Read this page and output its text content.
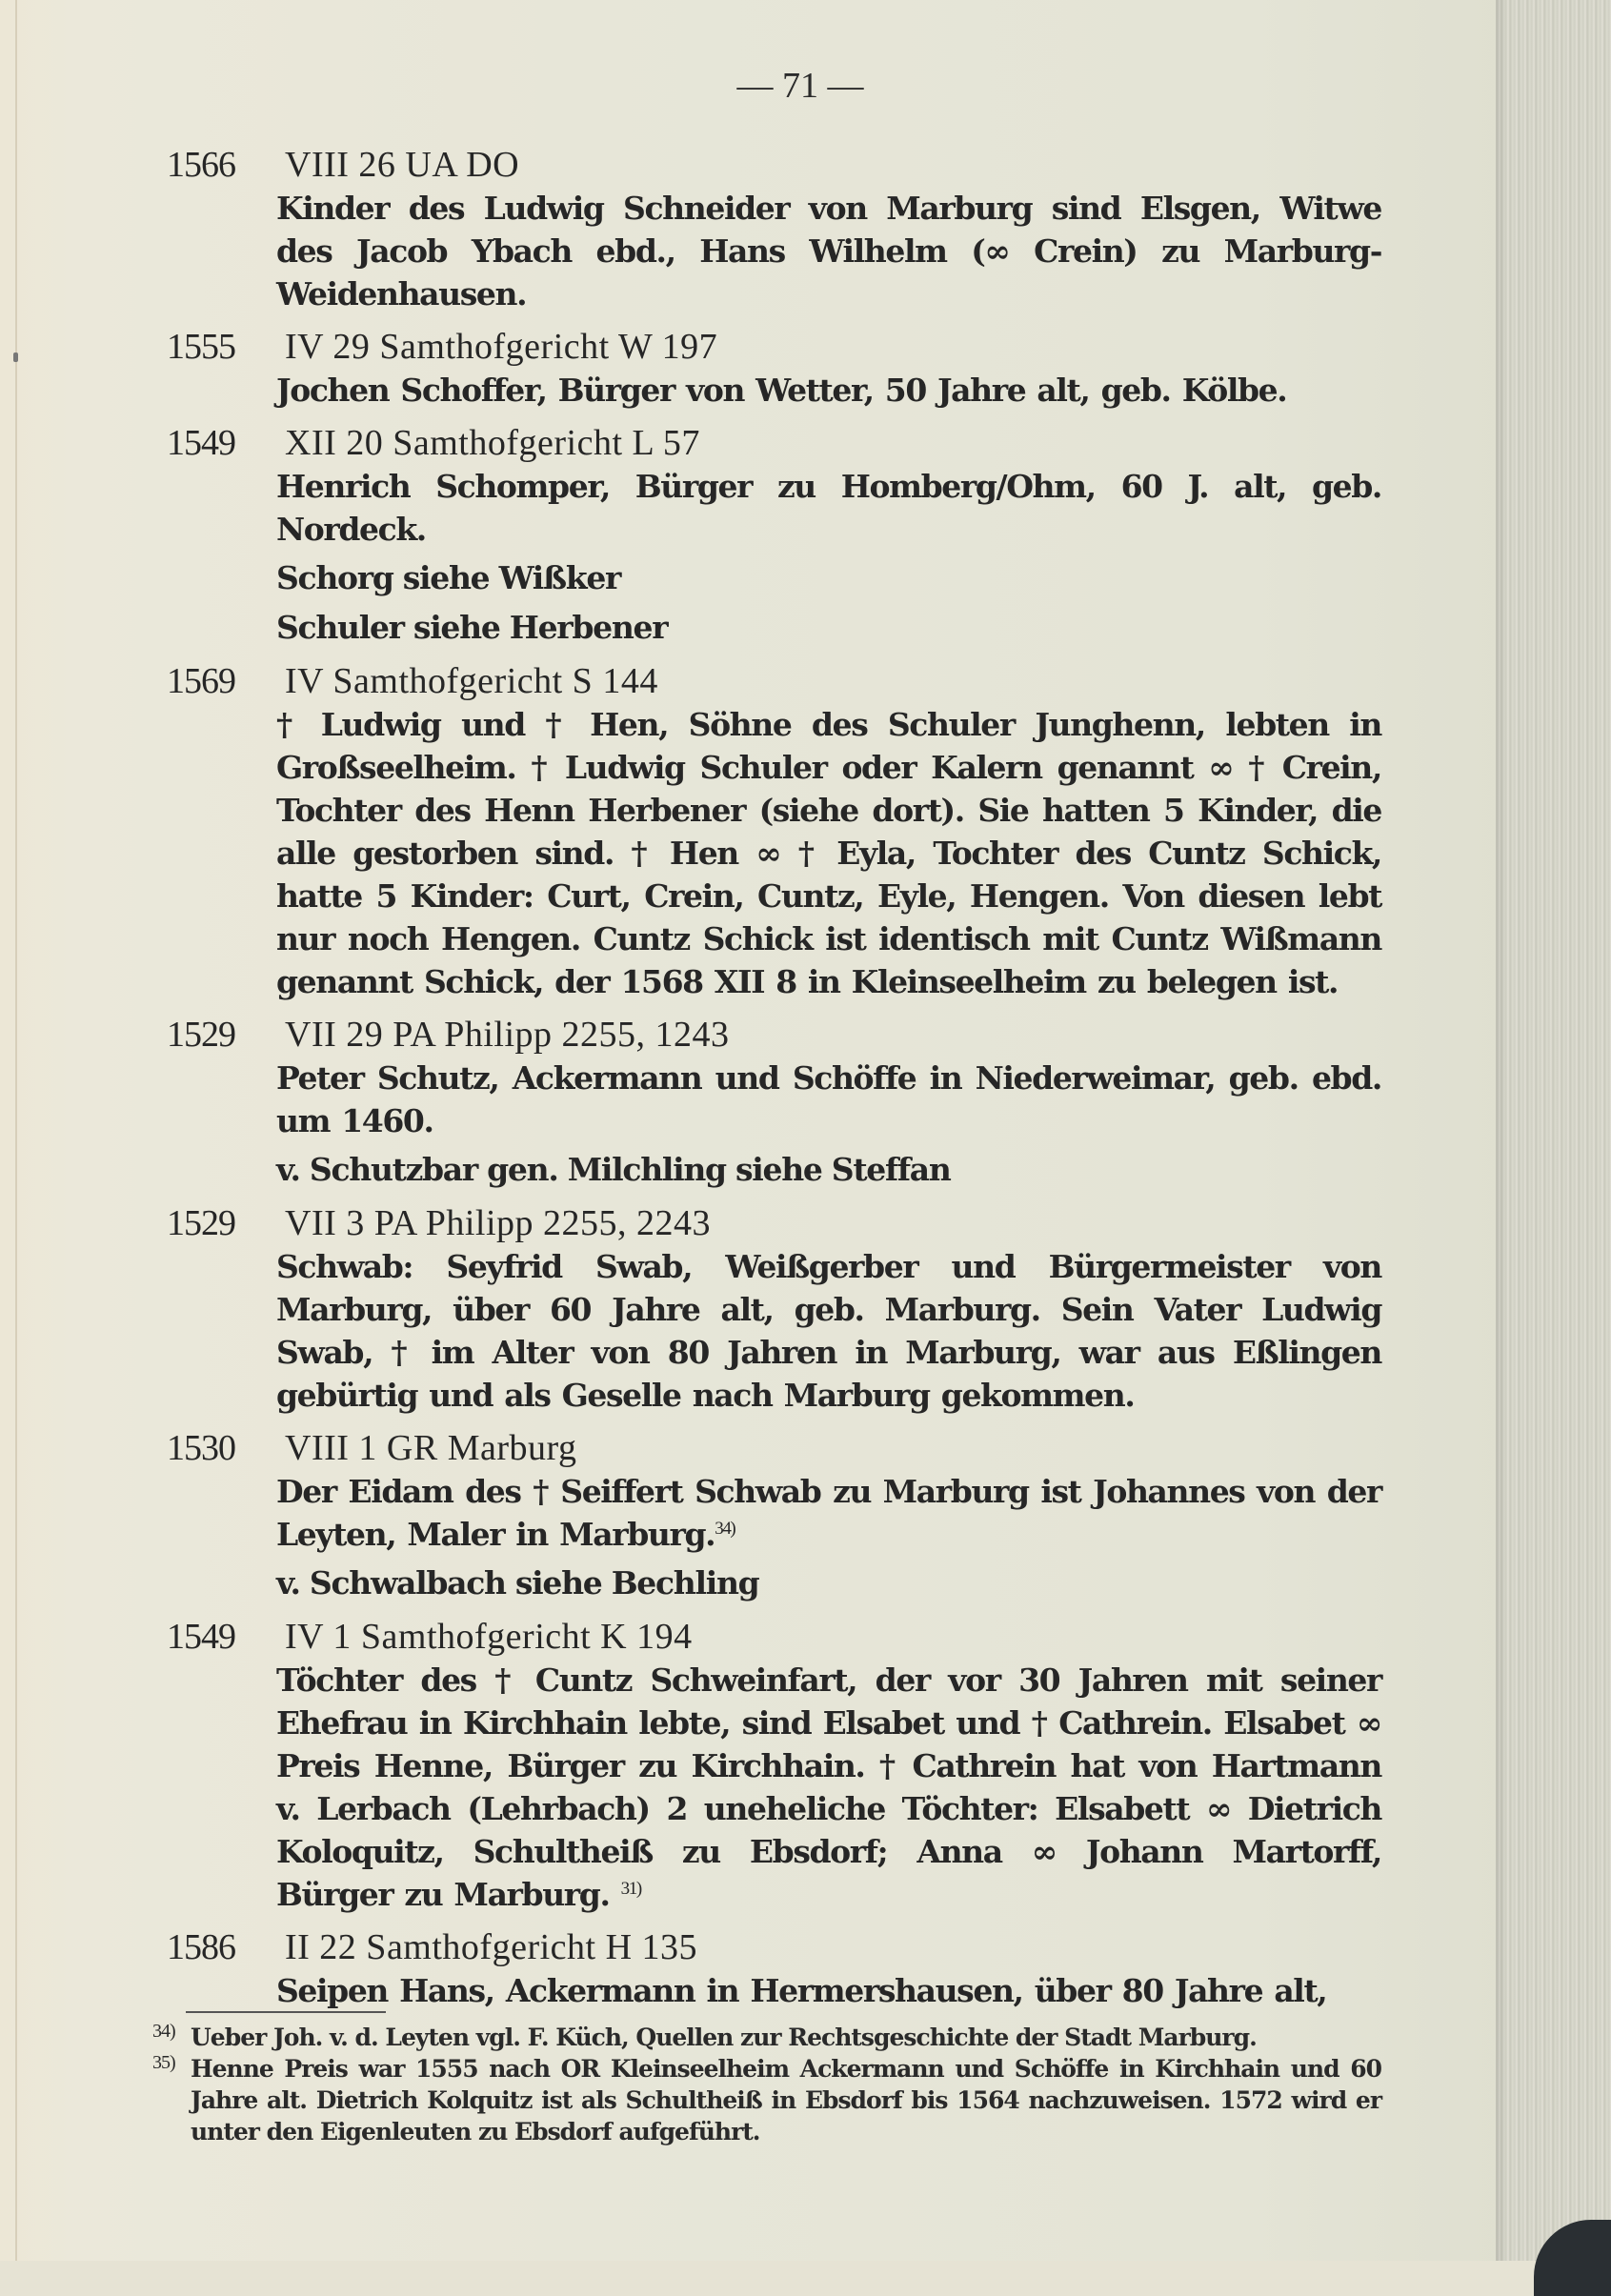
— 71 —
1566	VIII 26 UA DO
Kinder des Ludwig Schneider von Marburg sind Elsgen, Witwe des Jacob Ybach ebd., Hans Wilhelm (∞ Crein) zu Marburg-Weidenhausen.
1555	IV 29 Samthofgericht W 197
Jochen Schoffer, Bürger von Wetter, 50 Jahre alt, geb. Kölbe.
1549	XII 20 Samthofgericht L 57
Henrich Schomper, Bürger zu Homberg/Ohm, 60 J. alt, geb. Nordeck.
Schorg siehe Wißker
Schuler siehe Herbener
1569	IV Samthofgericht S 144
† Ludwig und † Hen, Söhne des Schuler Junghenn, lebten in Großseelheim. † Ludwig Schuler oder Kalern genannt ∞ † Crein, Tochter des Henn Herbener (siehe dort). Sie hatten 5 Kinder, die alle gestorben sind. † Hen ∞ † Eyla, Tochter des Cuntz Schick, hatte 5 Kinder: Curt, Crein, Cuntz, Eyle, Hengen. Von diesen lebt nur noch Hengen. Cuntz Schick ist identisch mit Cuntz Wißmann genannt Schick, der 1568 XII 8 in Kleinseelheim zu belegen ist.
1529	VII 29 PA Philipp 2255, 1243
Peter Schutz, Ackermann und Schöffe in Niederweimar, geb. ebd. um 1460.
v. Schutzbar gen. Milchling siehe Steffan
1529	VII 3 PA Philipp 2255, 2243
Schwab: Seyfrid Swab, Weißgerber und Bürgermeister von Marburg, über 60 Jahre alt, geb. Marburg. Sein Vater Ludwig Swab, † im Alter von 80 Jahren in Marburg, war aus Eßlingen gebürtig und als Geselle nach Marburg gekommen.
1530	VIII 1 GR Marburg
Der Eidam des † Seiffert Schwab zu Marburg ist Johannes von der Leyten, Maler in Marburg.$^{34)}$
v. Schwalbach siehe Bechling
1549	IV 1 Samthofgericht K 194
Töchter des † Cuntz Schweinfart, der vor 30 Jahren mit seiner Ehefrau in Kirchhain lebte, sind Elsabet und † Cathrein. Elsabet ∞ Preis Henne, Bürger zu Kirchhain. † Cathrein hat von Hartmann v. Lerbach (Lehrbach) 2 uneheliche Töchter: Elsabett ∞ Dietrich Koloquitz, Schultheiß zu Ebsdorf; Anna ∞ Johann Martorff, Bürger zu Marburg. $^{31)}$
1586	II 22 Samthofgericht H 135
Seipen Hans, Ackermann in Hermershausen, über 80 Jahre alt,
$^{34)}$ Ueber Joh. v. d. Leyten vgl. F. Küch, Quellen zur Rechtsgeschichte der Stadt Marburg.
$^{35)}$ Henne Preis war 1555 nach OR Kleinseelheim Ackermann und Schöffe in Kirchhain und 60 Jahre alt. Dietrich Kolquitz ist als Schultheiß in Ebsdorf bis 1564 nachzuweisen. 1572 wird er unter den Eigenleuten zu Ebsdorf aufgeführt.
